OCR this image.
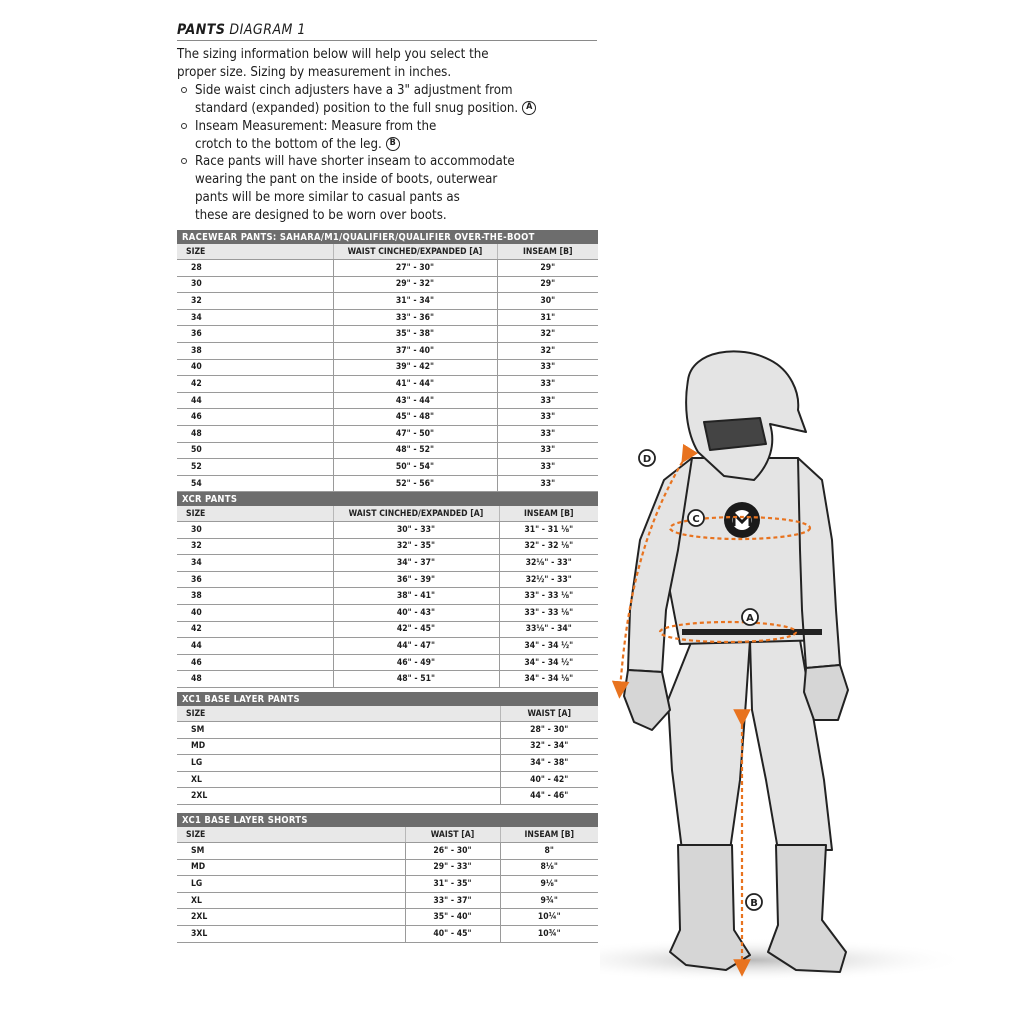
PANTS DIAGRAM 1

The sizing information below will help you select the

proper size. Sizing by measurement in inches.

Side waist cinch adjusters have a 3" adjustment from
standard (expanded) position to the full snug position. A
Inseam Measurement: Measure from the
crotch to the bottom of the leg. B
Race pants will have shorter inseam to accommodate
wearing the pant on the inside of boots, outerwear
pants will be more similar to casual pants as
these are designed to be worn over boots.
RACEWEAR PANTS: SAHARA/M1/QUALIFIER/QUALIFIER OVER-THE-BOOT		
SIZE	WAIST CINCHED/EXPANDED [A]	INSEAM [B]
28	27" - 30"	29"
30	29" - 32"	29"
32	31" - 34"	30"
34	33" - 36"	31"
36	35" - 38"	32"
38	37" - 40"	32"
40	39" - 42"	33"
42	41" - 44"	33"
44	43" - 44"	33"
46	45" - 48"	33"
48	47" - 50"	33"
50	48" - 52"	33"
52	50" - 54"	33"
54	52" - 56"	33"
XCR PANTS		
SIZE	WAIST CINCHED/EXPANDED [A]	INSEAM [B]
30	30" - 33"	31" - 31 ⅛"
32	32" - 35"	32" - 32 ⅛"
34	34" - 37"	32⅛" - 33"
36	36" - 39"	32½" - 33"
38	38" - 41"	33" - 33 ⅛"
40	40" - 43"	33" - 33 ⅛"
42	42" - 45"	33⅛" - 34"
44	44" - 47"	34" - 34 ½"
46	46" - 49"	34" - 34 ½"
48	48" - 51"	34" - 34 ⅛"
XC1 BASE LAYER PANTS	
SIZE	WAIST [A]
SM	28" - 30"
MD	32" - 34"
LG	34" - 38"
XL	40" - 42"
2XL	44" - 46"
XC1 BASE LAYER SHORTS		
SIZE	WAIST [A]	INSEAM [B]
SM	26" - 30"	8"
MD	29" - 33"	8⅛"
LG	31" - 35"	9⅛"
XL	33" - 37"	9¾"
2XL	35" - 40"	10¼"
3XL	40" - 45"	10¾"
D
C
A
B
